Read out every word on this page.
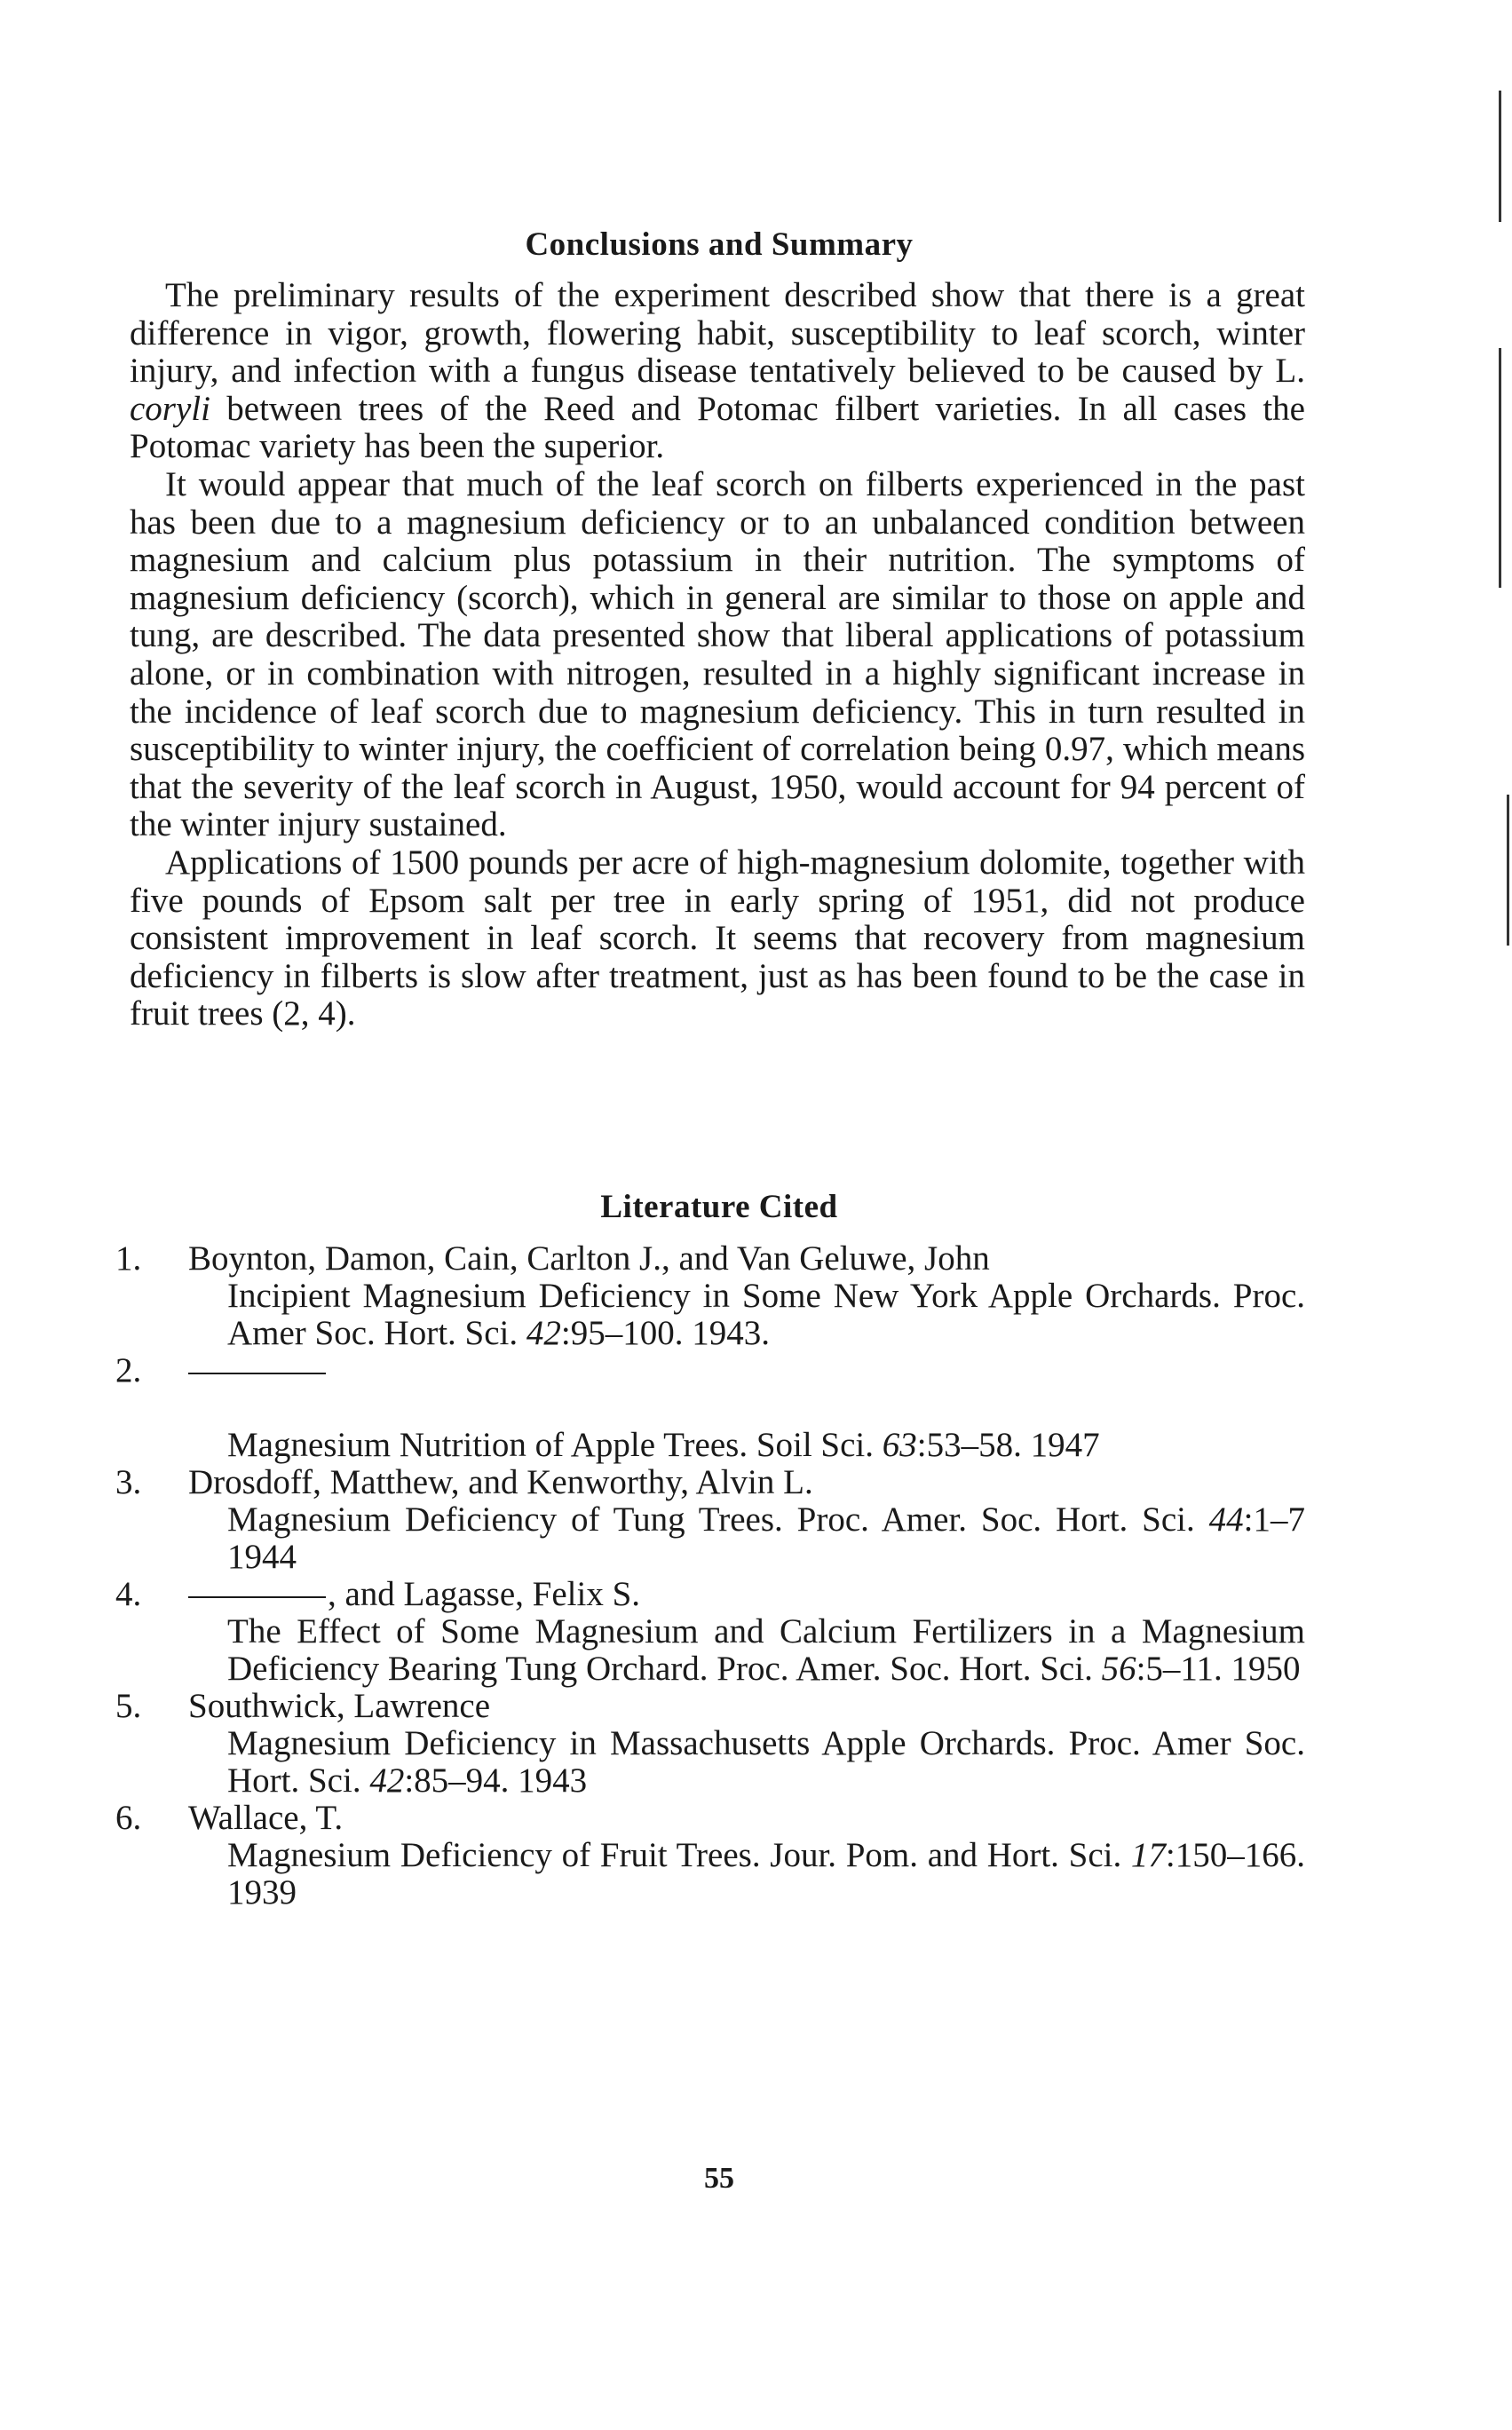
Conclusions and Summary

The preliminary results of the experiment described show that there is a great difference in vigor, growth, flowering habit, susceptibility to leaf scorch, winter injury, and infection with a fungus disease tentatively believed to be caused by L. coryli between trees of the Reed and Potomac filbert varieties. In all cases the Potomac variety has been the superior.

It would appear that much of the leaf scorch on filberts experienced in the past has been due to a magnesium deficiency or to an unbalanced condition between magnesium and calcium plus potassium in their nutrition. The symptoms of magnesium deficiency (scorch), which in general are similar to those on apple and tung, are described. The data presented show that liberal applications of potassium alone, or in combination with nitrogen, resulted in a highly significant increase in the incidence of leaf scorch due to magnesium deficiency. This in turn resulted in susceptibility to winter injury, the coefficient of correlation being 0.97, which means that the severity of the leaf scorch in August, 1950, would account for 94 percent of the winter injury sustained.

Applications of 1500 pounds per acre of high-magnesium dolomite, together with five pounds of Epsom salt per tree in early spring of 1951, did not produce consistent improvement in leaf scorch. It seems that recovery from magnesium deficiency in filberts is slow after treatment, just as has been found to be the case in fruit trees (2, 4).

Literature Cited
1.	Boynton, Damon, Cain, Carlton J., and Van Geluwe, John
Incipient Magnesium Deficiency in Some New York Apple Orchards. Proc. Amer Soc. Hort. Sci. 42:95–100. 1943.
2.
Magnesium Nutrition of Apple Trees. Soil Sci. 63:53–58. 1947
3.	Drosdoff, Matthew, and Kenworthy, Alvin L.
Magnesium Deficiency of Tung Trees. Proc. Amer. Soc. Hort. Sci. 44:1–7 1944
4.	, and Lagasse, Felix S.
The Effect of Some Magnesium and Calcium Fertilizers in a Magnesium Deficiency Bearing Tung Orchard. Proc. Amer. Soc. Hort. Sci. 56:5–11. 1950
5.	Southwick, Lawrence
Magnesium Deficiency in Massachusetts Apple Orchards. Proc. Amer Soc. Hort. Sci. 42:85–94. 1943
6.	Wallace, T.
Magnesium Deficiency of Fruit Trees. Jour. Pom. and Hort. Sci. 17:150–166. 1939
55
